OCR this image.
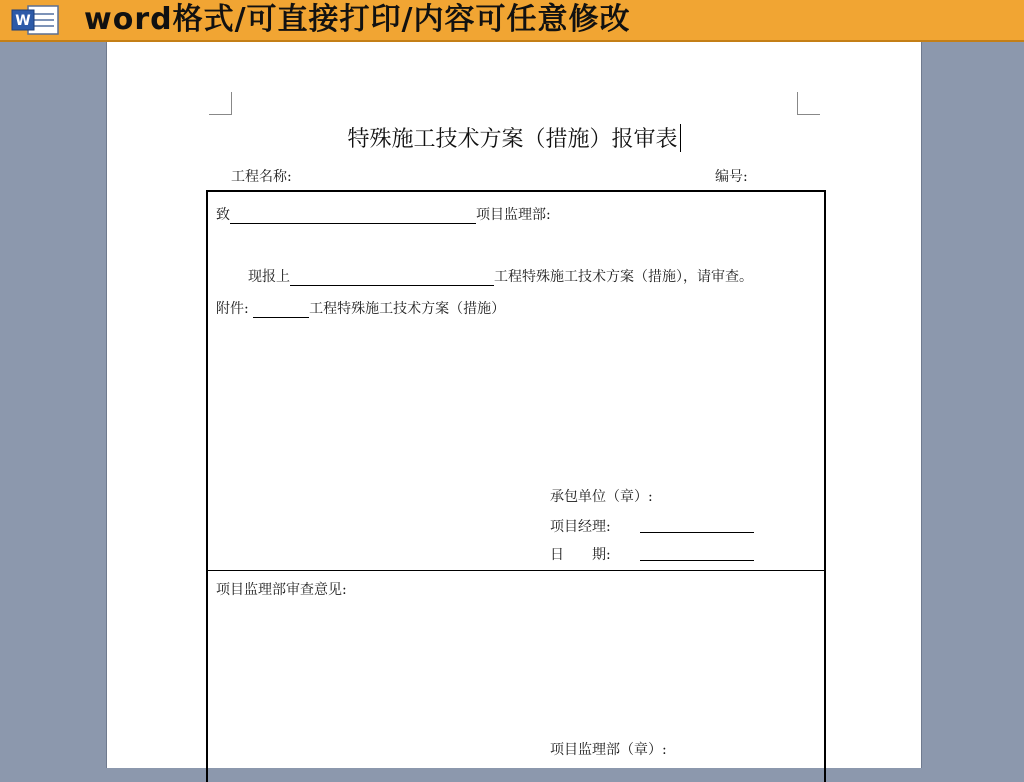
W word格式/可直接打印/内容可任意修改
特殊施工技术方案（措施）报审表
工程名称:	编号:
致	项目监理部:
现报上	工程特殊施工技术方案（措施），请审查。
附件:	工程特殊施工技术方案（措施）
承包单位（章）:
项目经理:
日　　期:
项目监理部审查意见:
项目监理部（章）:
